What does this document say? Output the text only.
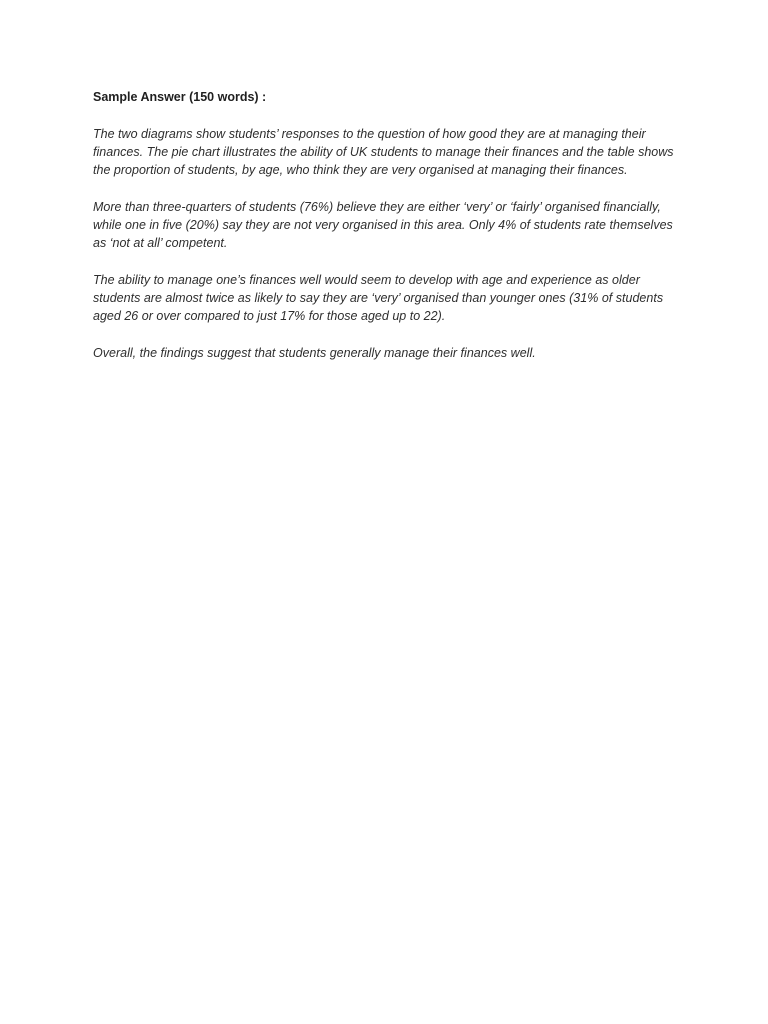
Sample Answer (150 words) :

The two diagrams show students’ responses to the question of how good they are at managing their finances. The pie chart illustrates the ability of UK students to manage their finances and the table shows the proportion of students, by age, who think they are very organised at managing their finances.

More than three-quarters of students (76%) believe they are either ‘very’ or ‘fairly’ organised financially, while one in five (20%) say they are not very organised in this area. Only 4% of students rate themselves as ‘not at all’ competent.

The ability to manage one’s finances well would seem to develop with age and experience as older students are almost twice as likely to say they are ‘very’ organised than younger ones (31% of students aged 26 or over compared to just 17% for those aged up to 22).

Overall, the findings suggest that students generally manage their finances well.
